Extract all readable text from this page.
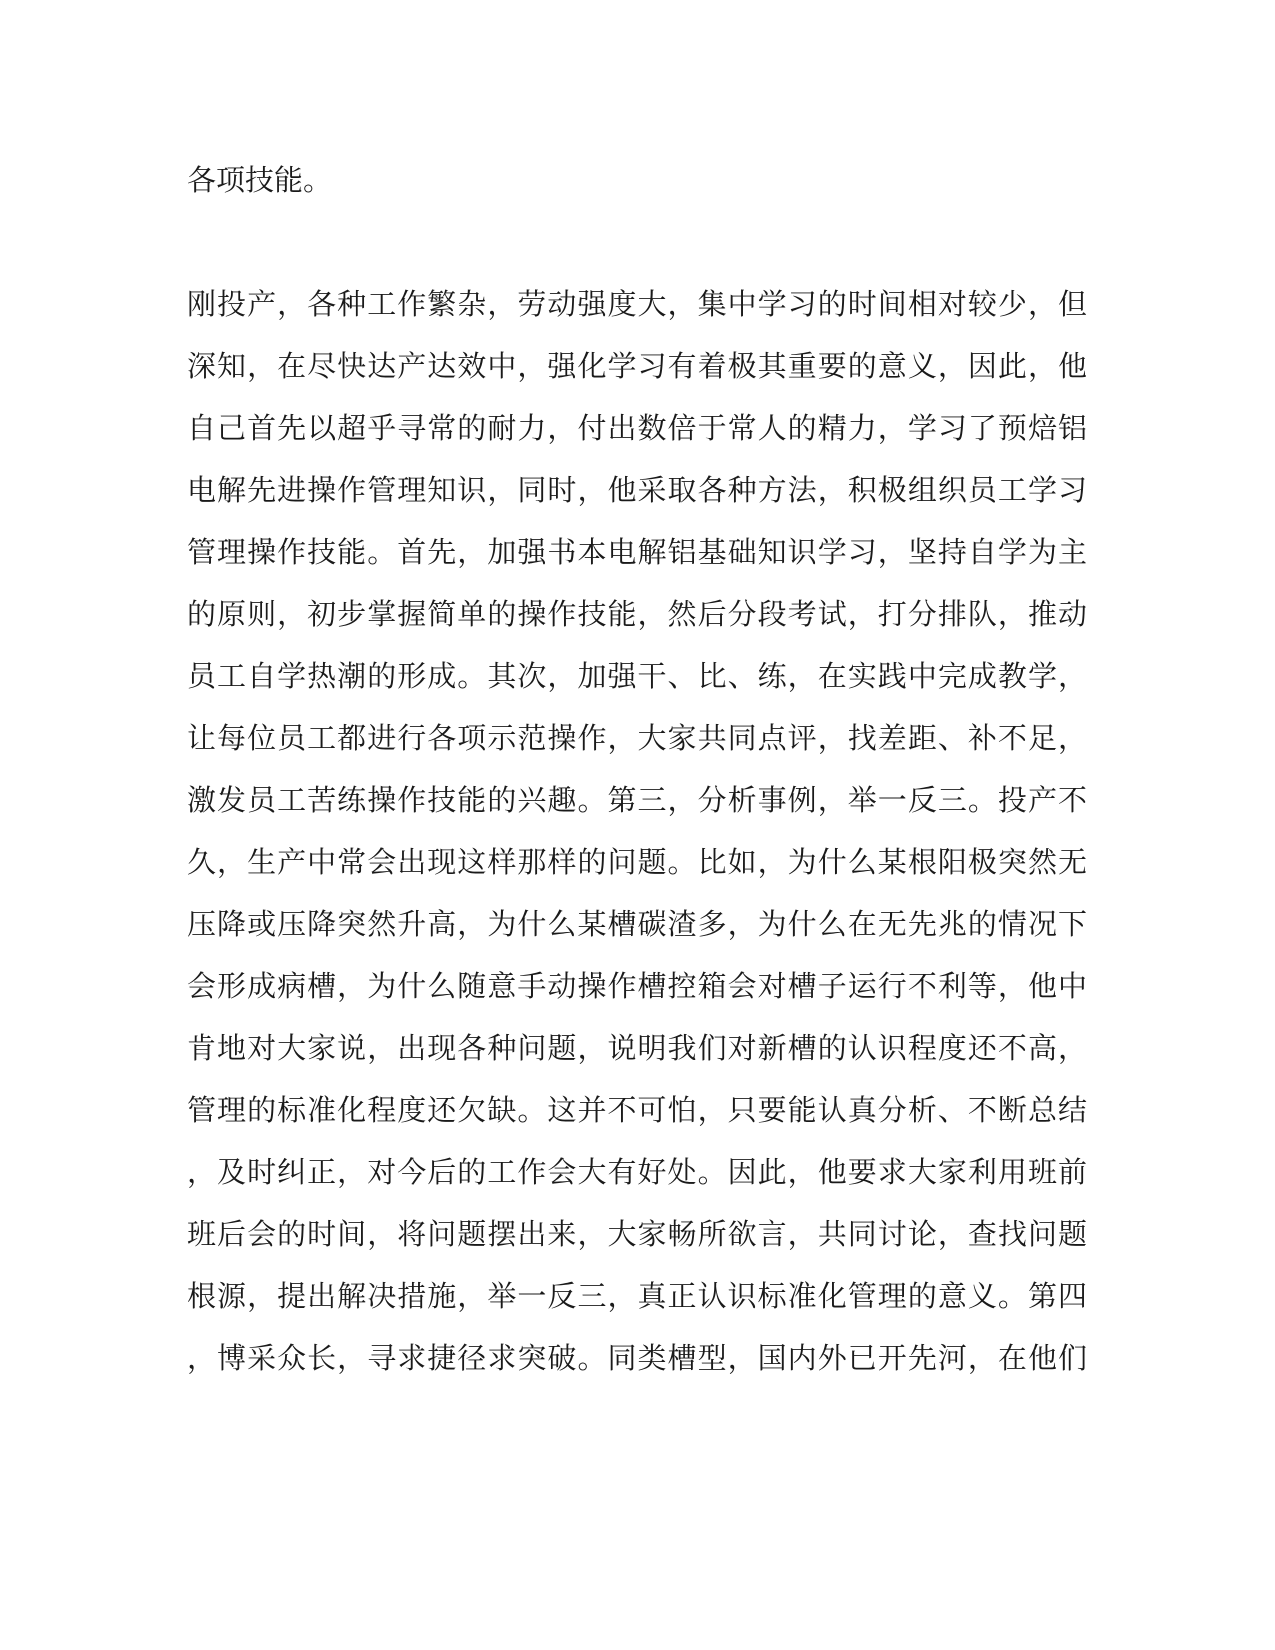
各项技能。
刚投产，各种工作繁杂，劳动强度大，集中学习的时间相对较少，但
深知，在尽快达产达效中，强化学习有着极其重要的意义，因此，他
自己首先以超乎寻常的耐力，付出数倍于常人的精力，学习了预焙铝
电解先进操作管理知识，同时，他采取各种方法，积极组织员工学习
管理操作技能。首先，加强书本电解铝基础知识学习，坚持自学为主
的原则，初步掌握简单的操作技能，然后分段考试，打分排队，推动
员工自学热潮的形成。其次，加强干、比、练，在实践中完成教学，
让每位员工都进行各项示范操作，大家共同点评，找差距、补不足，
激发员工苦练操作技能的兴趣。第三，分析事例，举一反三。投产不
久，生产中常会出现这样那样的问题。比如，为什么某根阳极突然无
压降或压降突然升高，为什么某槽碳渣多，为什么在无先兆的情况下
会形成病槽，为什么随意手动操作槽控箱会对槽子运行不利等，他中
肯地对大家说，出现各种问题，说明我们对新槽的认识程度还不高，
管理的标准化程度还欠缺。这并不可怕，只要能认真分析、不断总结
，及时纠正，对今后的工作会大有好处。因此，他要求大家利用班前
班后会的时间，将问题摆出来，大家畅所欲言，共同讨论，查找问题
根源，提出解决措施，举一反三，真正认识标准化管理的意义。第四
，博采众长，寻求捷径求突破。同类槽型，国内外已开先河，在他们
